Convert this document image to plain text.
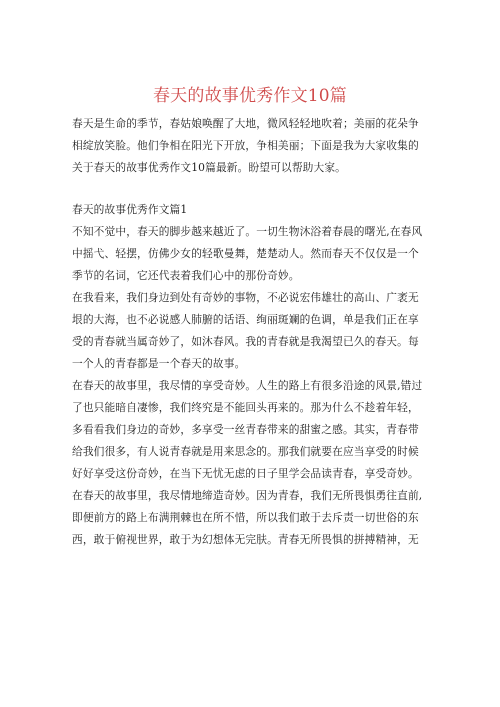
春天的故事优秀作文10篇

春天是生命的季节，春姑娘唤醒了大地，微风轻轻地吹着；美丽的花朵争
相绽放笑脸。他们争相在阳光下开放，争相美丽；下面是我为大家收集的
关于春天的故事优秀作文10篇最新。盼望可以帮助大家。

春天的故事优秀作文篇1

不知不觉中，春天的脚步越来越近了。一切生物沐浴着春晨的曙光,在春风
中摇弋、轻摆，仿佛少女的轻歌曼舞，楚楚动人。然而春天不仅仅是一个
季节的名词，它还代表着我们心中的那份奇妙。

在我看来，我们身边到处有奇妙的事物，不必说宏伟雄壮的高山、广袤无
垠的大海，也不必说感人肺腑的话语、绚丽斑斓的色调，单是我们正在享
受的青春就当属奇妙了，如沐春风。我的青春就是我渴望已久的春天。每
一个人的青春都是一个春天的故事。

在春天的故事里，我尽情的享受奇妙。人生的路上有很多沿途的风景,错过
了也只能暗自凄惨，我们终究是不能回头再来的。那为什么不趁着年轻，
多看看我们身边的奇妙，多享受一丝青春带来的甜蜜之感。其实，青春带
给我们很多，有人说青春就是用来思念的。那我们就要在应当享受的时候
好好享受这份奇妙，在当下无忧无虑的日子里学会品读青春，享受奇妙。

在春天的故事里，我尽情地缔造奇妙。因为青春，我们无所畏惧勇往直前,
即便前方的路上布满荆棘也在所不惜，所以我们敢于去斥责一切世俗的东
西，敢于俯视世界，敢于为幻想体无完肤。青春无所畏惧的拼搏精神，无
